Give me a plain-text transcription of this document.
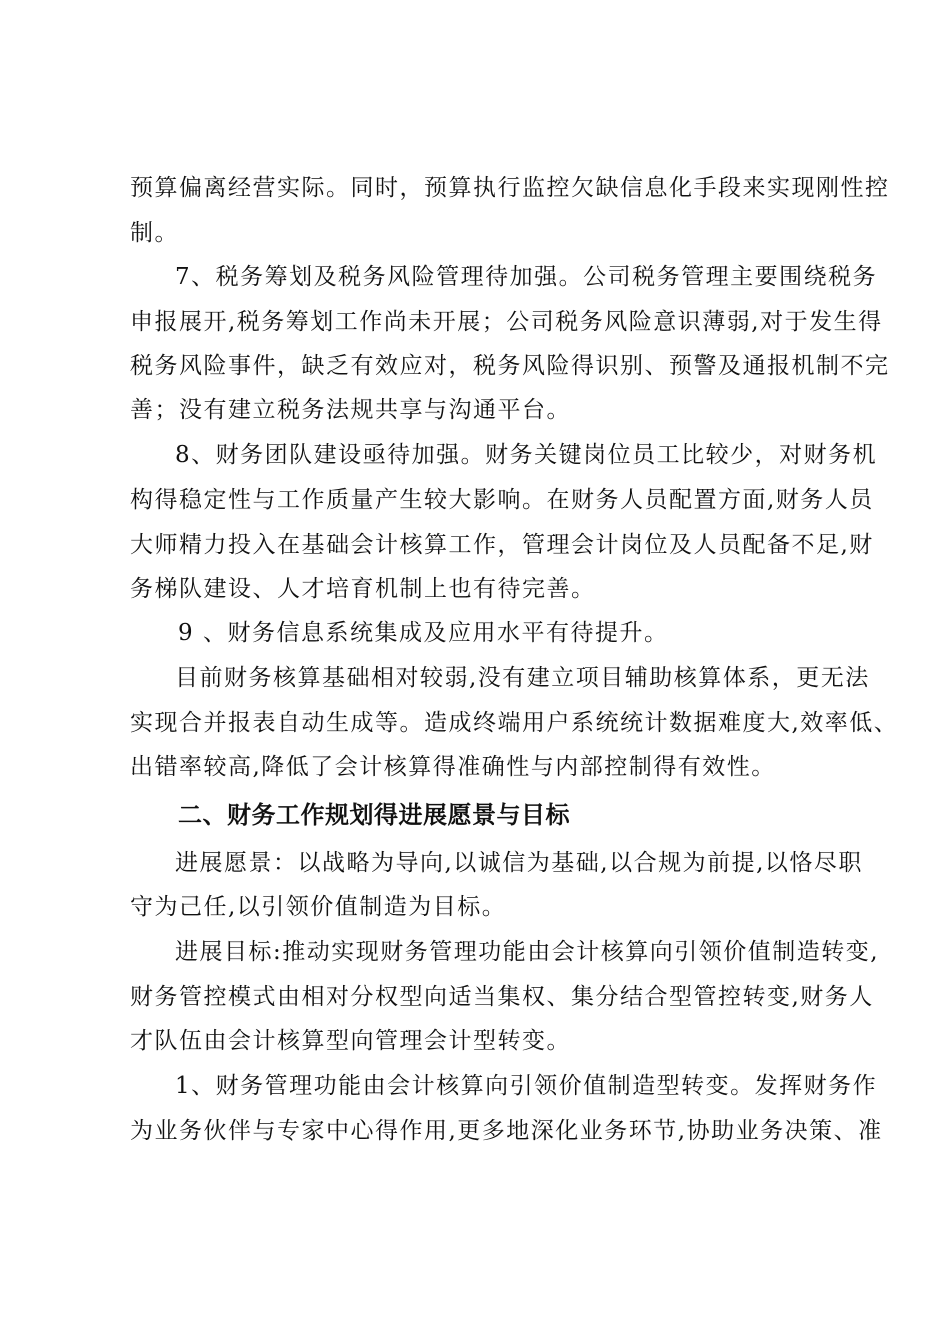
预算偏离经营实际。同时，预算执行监控欠缺信息化手段来实现刚性控
制。
7、税务筹划及税务风险管理待加强。公司税务管理主要围绕税务
申报展开,税务筹划工作尚未开展；公司税务风险意识薄弱,对于发生得
税务风险事件，缺乏有效应对，税务风险得识别、预警及通报机制不完
善；没有建立税务法规共享与沟通平台。
8、财务团队建设亟待加强。财务关键岗位员工比较少，对财务机
构得稳定性与工作质量产生较大影响。在财务人员配置方面,财务人员
大师精力投入在基础会计核算工作，管理会计岗位及人员配备不足,财
务梯队建设、人才培育机制上也有待完善。
9 、财务信息系统集成及应用水平有待提升。
目前财务核算基础相对较弱,没有建立项目辅助核算体系，更无法
实现合并报表自动生成等。造成终端用户系统统计数据难度大,效率低、
出错率较高,降低了会计核算得准确性与内部控制得有效性。
二、财务工作规划得进展愿景与目标
进展愿景：以战略为导向,以诚信为基础,以合规为前提,以恪尽职
守为己任,以引领价值制造为目标。
进展目标:推动实现财务管理功能由会计核算向引领价值制造转变,
财务管控模式由相对分权型向适当集权、集分结合型管控转变,财务人
才队伍由会计核算型向管理会计型转变。
1、财务管理功能由会计核算向引领价值制造型转变。发挥财务作
为业务伙伴与专家中心得作用,更多地深化业务环节,协助业务决策、准
